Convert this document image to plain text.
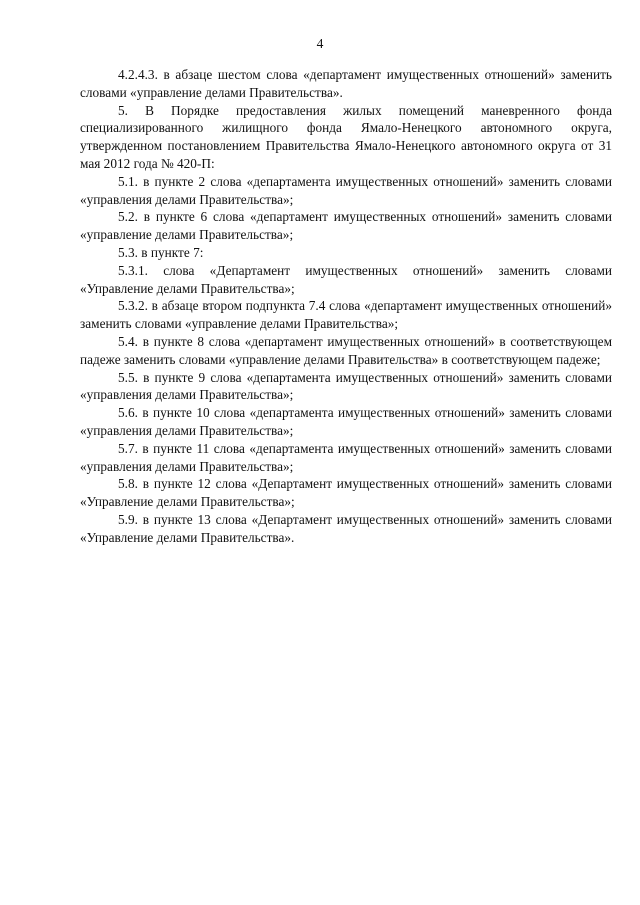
4

4.2.4.3. в абзаце шестом слова «департамент имущественных отношений» заменить словами «управление делами Правительства».

5. В Порядке предоставления жилых помещений маневренного фонда специализированного жилищного фонда Ямало-Ненецкого автономного округа, утвержденном постановлением Правительства Ямало-Ненецкого автономного округа от 31 мая 2012 года № 420-П:

5.1. в пункте 2 слова «департамента имущественных отношений» заменить словами «управления делами Правительства»;

5.2. в пункте 6 слова «департамент имущественных отношений» заменить словами «управление делами Правительства»;

5.3. в пункте 7:

5.3.1. слова «Департамент имущественных отношений» заменить словами «Управление делами Правительства»;

5.3.2. в абзаце втором подпункта 7.4 слова «департамент имущественных отношений» заменить словами «управление делами Правительства»;

5.4. в пункте 8 слова «департамент имущественных отношений» в соответствующем падеже заменить словами «управление делами Правительства» в соответствующем падеже;

5.5. в пункте 9 слова «департамента имущественных отношений» заменить словами «управления делами Правительства»;

5.6. в пункте 10 слова «департамента имущественных отношений» заменить словами «управления делами Правительства»;

5.7. в пункте 11 слова «департамента имущественных отношений» заменить словами «управления делами Правительства»;

5.8. в пункте 12 слова «Департамент имущественных отношений» заменить словами «Управление делами Правительства»;

5.9. в пункте 13 слова «Департамент имущественных отношений» заменить словами «Управление делами Правительства».
